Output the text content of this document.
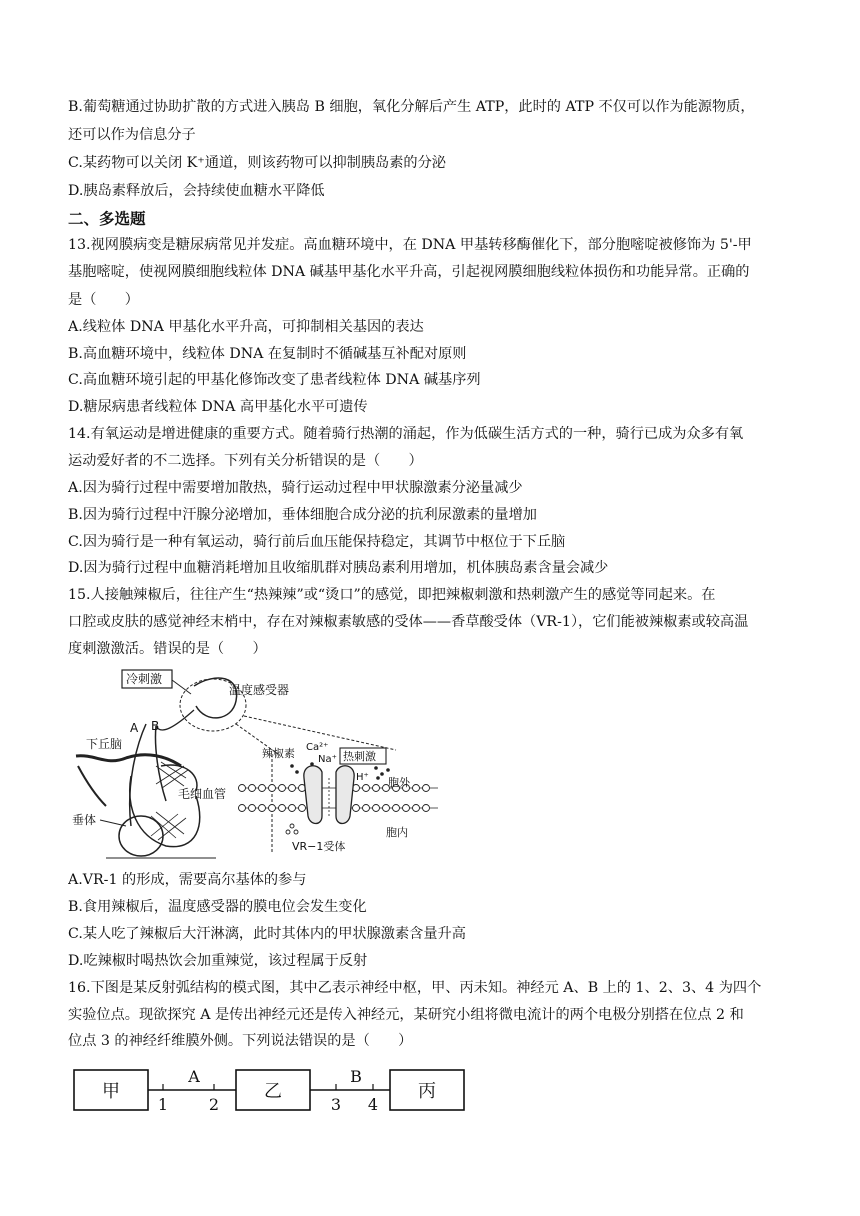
B.葡萄糖通过协助扩散的方式进入胰岛 B 细胞，氧化分解后产生 ATP，此时的 ATP 不仅可以作为能源物质，
还可以作为信息分子
C.某药物可以关闭 K⁺通道，则该药物可以抑制胰岛素的分泌
D.胰岛素释放后，会持续使血糖水平降低
二、多选题
13.视网膜病变是糖尿病常见并发症。高血糖环境中，在 DNA 甲基转移酶催化下，部分胞嘧啶被修饰为 5'-甲
基胞嘧啶，使视网膜细胞线粒体 DNA 碱基甲基化水平升高，引起视网膜细胞线粒体损伤和功能异常。正确的
是（　　）
A.线粒体 DNA 甲基化水平升高，可抑制相关基因的表达
B.高血糖环境中，线粒体 DNA 在复制时不循碱基互补配对原则
C.高血糖环境引起的甲基化修饰改变了患者线粒体 DNA 碱基序列
D.糖尿病患者线粒体 DNA 高甲基化水平可遗传
14.有氧运动是增进健康的重要方式。随着骑行热潮的涌起，作为低碳生活方式的一种，骑行已成为众多有氧
运动爱好者的不二选择。下列有关分析错误的是（　　）
A.因为骑行过程中需要增加散热，骑行运动过程中甲状腺激素分泌量减少
B.因为骑行过程中汗腺分泌增加，垂体细胞合成分泌的抗利尿激素的量增加
C.因为骑行是一种有氧运动，骑行前后血压能保持稳定，其调节中枢位于下丘脑
D.因为骑行过程中血糖消耗增加且收缩肌群对胰岛素利用增加，机体胰岛素含量会减少
15.人接触辣椒后，往往产生“热辣辣”或“烫口”的感觉，即把辣椒刺激和热刺激产生的感觉等同起来。在
口腔或皮肤的感觉神经末梢中，存在对辣椒素敏感的受体——香草酸受体（VR-1），它们能被辣椒素或较高温
度刺激激活。错误的是（　　）
冷刺激
温度感受器
A B
下丘脑
毛细血管
垂体
辣椒素	热刺激
Ca²⁺
Na⁺
H⁺ 胞外
胞内
VR−1受体
A.VR-1 的形成，需要高尔基体的参与
B.食用辣椒后，温度感受器的膜电位会发生变化
C.某人吃了辣椒后大汗淋漓，此时其体内的甲状腺激素含量升高
D.吃辣椒时喝热饮会加重辣觉，该过程属于反射
16.下图是某反射弧结构的模式图，其中乙表示神经中枢，甲、丙未知。神经元 A、B 上的 1、2、3、4 为四个
实验位点。现欲探究 A 是传出神经元还是传入神经元，某研究小组将微电流计的两个电极分别搭在位点 2 和
位点 3 的神经纤维膜外侧。下列说法错误的是（　　）
甲	乙	丙
A	B
1	2	3 4
